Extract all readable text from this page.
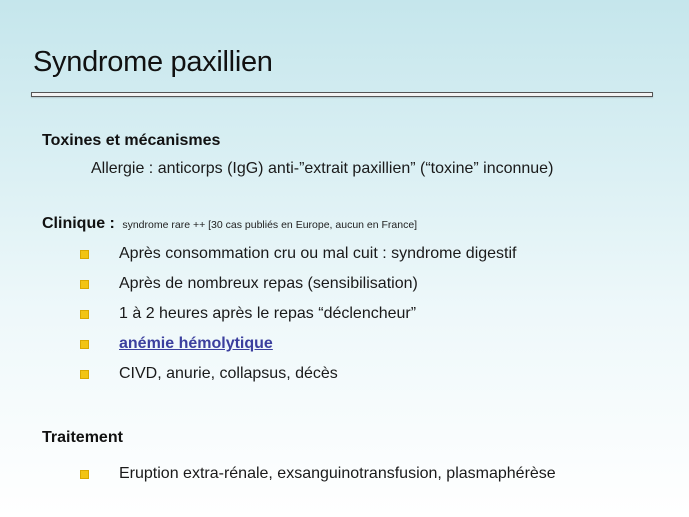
Syndrome paxillien
Toxines et mécanismes
Allergie : anticorps (IgG) anti-”extrait paxillien” (“toxine” inconnue)
Clinique : syndrome rare ++ [30 cas publiés en Europe, aucun en France]
Après consommation cru ou mal cuit : syndrome digestif
Après de nombreux repas (sensibilisation)
1 à 2 heures après le repas “déclencheur”
anémie hémolytique
CIVD, anurie, collapsus, décès
Traitement
Eruption extra-rénale, exsanguinotransfusion, plasmaphérèse
